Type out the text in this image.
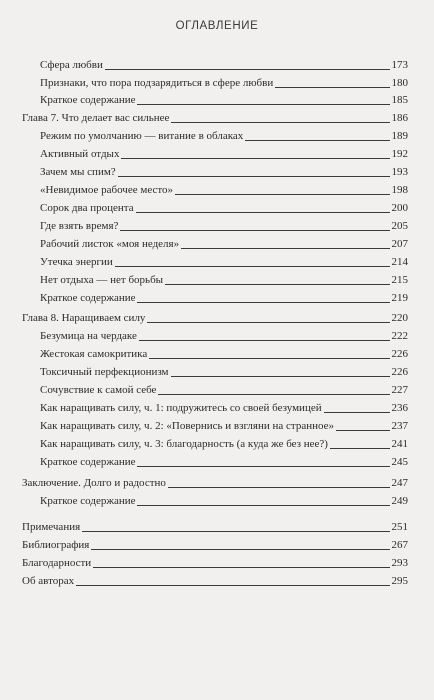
ОГЛАВЛЕНИЕ
Сфера любви	173
Признаки, что пора подзарядиться в сфере любви	180
Краткое содержание	185
Глава 7. Что делает вас сильнее	186
Режим по умолчанию — витание в облаках	189
Активный отдых	192
Зачем мы спим?	193
«Невидимое рабочее место»	198
Сорок два процента	200
Где взять время?	205
Рабочий листок «моя неделя»	207
Утечка энергии	214
Нет отдыха — нет борьбы	215
Краткое содержание	219
Глава 8. Наращиваем силу	220
Безумица на чердаке	222
Жестокая самокритика	226
Токсичный перфекционизм	226
Сочувствие к самой себе	227
Как наращивать силу, ч. 1: подружитесь со своей безумицей	236
Как наращивать силу, ч. 2: «Повернись и взгляни на странное»	237
Как наращивать силу, ч. 3: благодарность (а куда же без нее?)	241
Краткое содержание	245
Заключение. Долго и радостно	247
Краткое содержание	249
Примечания	251
Библиография	267
Благодарности	293
Об авторах	295
